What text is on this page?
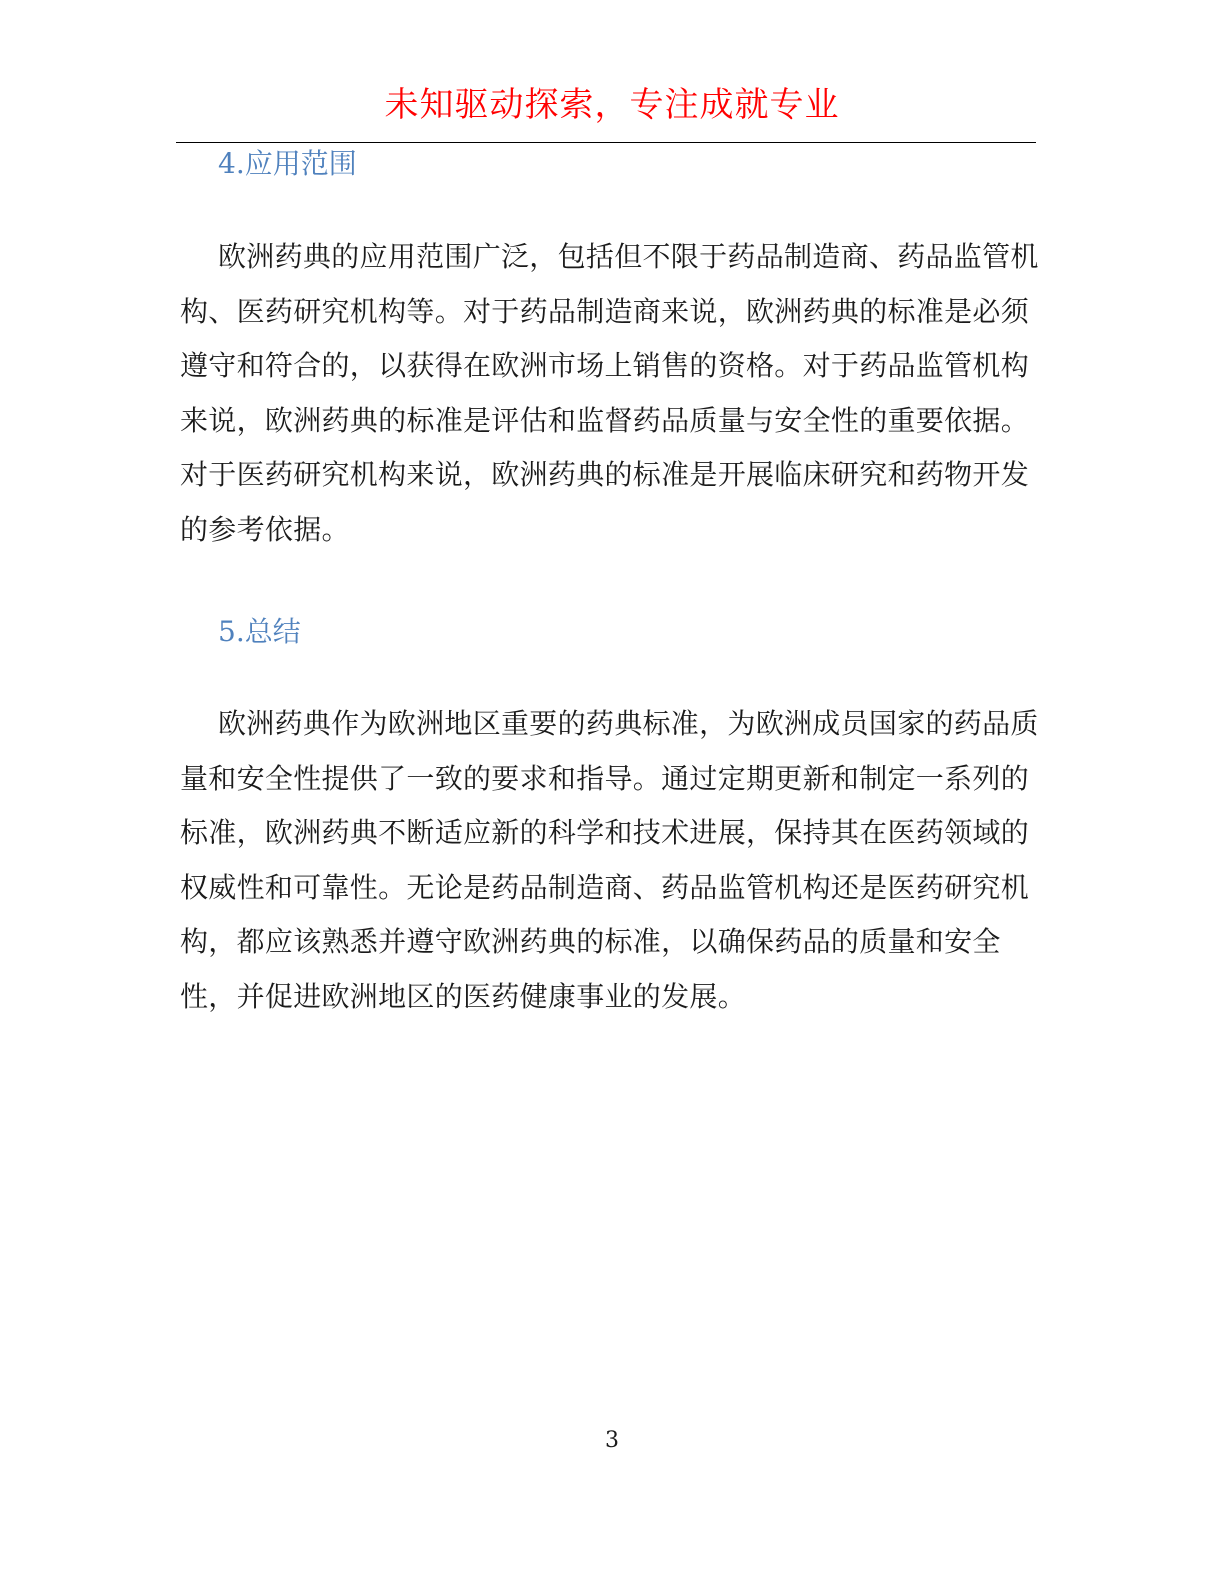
未知驱动探索，专注成就专业
4.应用范围

欧洲药典的应用范围广泛，包括但不限于药品制造商、药品监管机构、医药研究机构等。对于药品制造商来说，欧洲药典的标准是必须遵守和符合的，以获得在欧洲市场上销售的资格。对于药品监管机构来说，欧洲药典的标准是评估和监督药品质量与安全性的重要依据。对于医药研究机构来说，欧洲药典的标准是开展临床研究和药物开发的参考依据。

5.总结

欧洲药典作为欧洲地区重要的药典标准，为欧洲成员国家的药品质量和安全性提供了一致的要求和指导。通过定期更新和制定一系列的标准，欧洲药典不断适应新的科学和技术进展，保持其在医药领域的权威性和可靠性。无论是药品制造商、药品监管机构还是医药研究机构，都应该熟悉并遵守欧洲药典的标准，以确保药品的质量和安全性，并促进欧洲地区的医药健康事业的发展。

3
